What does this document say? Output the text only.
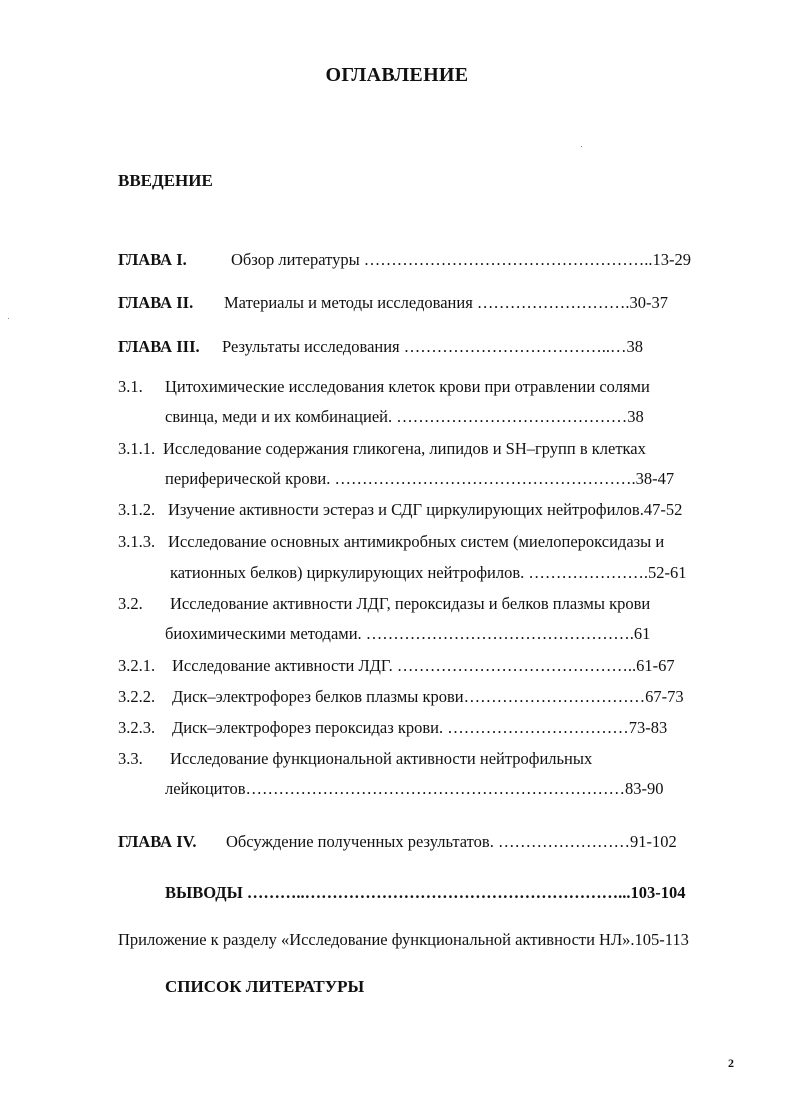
ОГЛАВЛЕНИЕ
ВВЕДЕНИЕ
ГЛАВА I.	Обзор литературы ……………………………………………..13-29
ГЛАВА II. Материалы и методы исследования ……………………….30-37
ГЛАВА III. Результаты исследования ………………………………..…38
3.1. Цитохимические исследования клеток крови при отравлении солями
свинца, меди и их комбинацией. ……………………………………38
3.1.1. Исследование содержания гликогена, липидов и SH–групп в клетках
периферической крови. ……………………………………………….38-47
3.1.2. Изучение активности эстераз и СДГ циркулирующих нейтрофилов.47-52
3.1.3. Исследование основных антимикробных систем (миелопероксидазы и
катионных белков) циркулирующих нейтрофилов. ………………….52-61
3.2. Исследование активности ЛДГ, пероксидазы и белков плазмы крови
биохимическими методами. ………………………………………….61
3.2.1. Исследование активности ЛДГ. ……………………………………..61-67
3.2.2. Диск–электрофорез белков плазмы крови……………………………67-73
3.2.3. Диск–электрофорез пероксидаз крови. ……………………………73-83
3.3. Исследование функциональной активности нейтрофильных
лейкоцитов……………………………………………………………83-90
ГЛАВА IV. Обсуждение полученных результатов. ……………………91-102
ВЫВОДЫ ………..…………………………………………………...103-104
Приложение к разделу «Исследование функциональной активности НЛ».105-113
СПИСОК ЛИТЕРАТУРЫ
2
